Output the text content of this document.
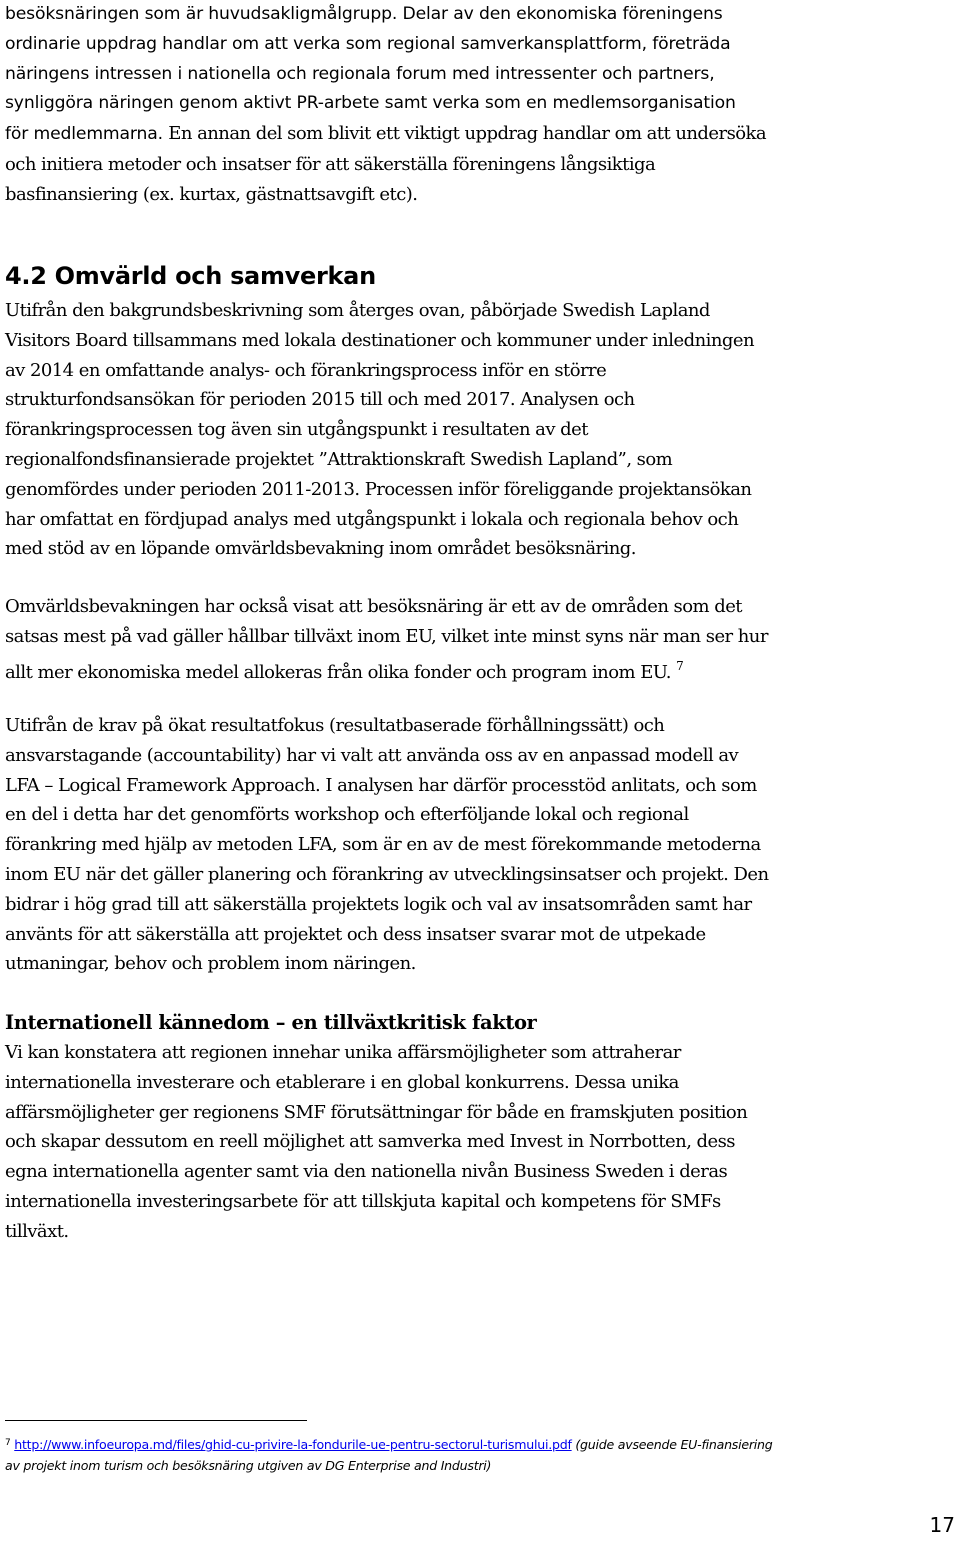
besöksnäringen som är huvudsakligmålgrupp. Delar av den ekonomiska föreningens
ordinarie uppdrag handlar om att verka som regional samverkansplattform, företräda
näringens intressen i nationella och regionala forum med intressenter och partners,
synliggöra näringen genom aktivt PR-arbete samt verka som en medlemsorganisation
för medlemmarna. En annan del som blivit ett viktigt uppdrag handlar om att undersöka
och initiera metoder och insatser för att säkerställa föreningens långsiktiga
basfinansiering (ex. kurtax, gästnattsavgift etc).
4.2 Omvärld och samverkan
Utifrån den bakgrundsbeskrivning som återges ovan, påbörjade Swedish Lapland
Visitors Board tillsammans med lokala destinationer och kommuner under inledningen
av 2014 en omfattande analys- och förankringsprocess inför en större
strukturfondsansökan för perioden 2015 till och med 2017. Analysen och
förankringsprocessen tog även sin utgångspunkt i resultaten av det
regionalfondsfinansierade projektet ”Attraktionskraft Swedish Lapland”, som
genomfördes under perioden 2011-2013. Processen inför föreliggande projektansökan
har omfattat en fördjupad analys med utgångspunkt i lokala och regionala behov och
med stöd av en löpande omvärldsbevakning inom området besöksnäring.
Omvärldsbevakningen har också visat att besöksnäring är ett av de områden som det
satsas mest på vad gäller hållbar tillväxt inom EU, vilket inte minst syns när man ser hur
allt mer ekonomiska medel allokeras från olika fonder och program inom EU. $^7$
Utifrån de krav på ökat resultatfokus (resultatbaserade förhållningssätt) och
ansvarstagande (accountability) har vi valt att använda oss av en anpassad modell av
LFA – Logical Framework Approach. I analysen har därför processtöd anlitats, och som
en del i detta har det genomförts workshop och efterföljande lokal och regional
förankring med hjälp av metoden LFA, som är en av de mest förekommande metoderna
inom EU när det gäller planering och förankring av utvecklingsinsatser och projekt. Den
bidrar i hög grad till att säkerställa projektets logik och val av insatsområden samt har
använts för att säkerställa att projektet och dess insatser svarar mot de utpekade
utmaningar, behov och problem inom näringen.
Internationell kännedom – en tillväxtkritisk faktor
Vi kan konstatera att regionen innehar unika affärsmöjligheter som attraherar
internationella investerare och etablerare i en global konkurrens. Dessa unika
affärsmöjligheter ger regionens SMF förutsättningar för både en framskjuten position
och skapar dessutom en reell möjlighet att samverka med Invest in Norrbotten, dess
egna internationella agenter samt via den nationella nivån Business Sweden i deras
internationella investeringsarbete för att tillskjuta kapital och kompetens för SMFs
tillväxt.
$^7$ http://www.infoeuropa.md/files/ghid-cu-privire-la-fondurile-ue-pentru-sectorul-turismului.pdf (guide avseende EU-finansiering
av projekt inom turism och besöksnäring utgiven av DG Enterprise and Industri)
17
